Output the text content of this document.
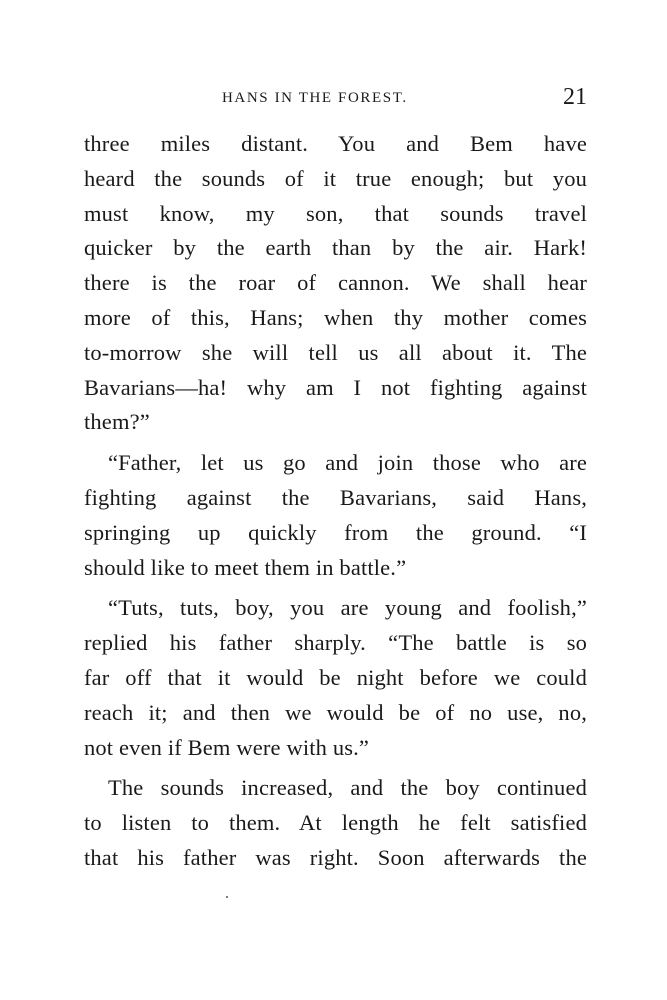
HANS IN THE FOREST.	21
three miles distant. You and Bem have
heard the sounds of it true enough; but you
must know, my son, that sounds travel
quicker by the earth than by the air. Hark!
there is the roar of cannon. We shall hear
more of this, Hans; when thy mother comes
to-morrow she will tell us all about it. The
Bavarians—ha! why am I not fighting against
them?”
“Father, let us go and join those who are
fighting against the Bavarians, said Hans,
springing up quickly from the ground. “I
should like to meet them in battle.”
“Tuts, tuts, boy, you are young and foolish,”
replied his father sharply. “The battle is so
far off that it would be night before we could
reach it; and then we would be of no use, no,
not even if Bem were with us.”
The sounds increased, and the boy continued
to listen to them. At length he felt satisfied
that his father was right. Soon afterwards the
